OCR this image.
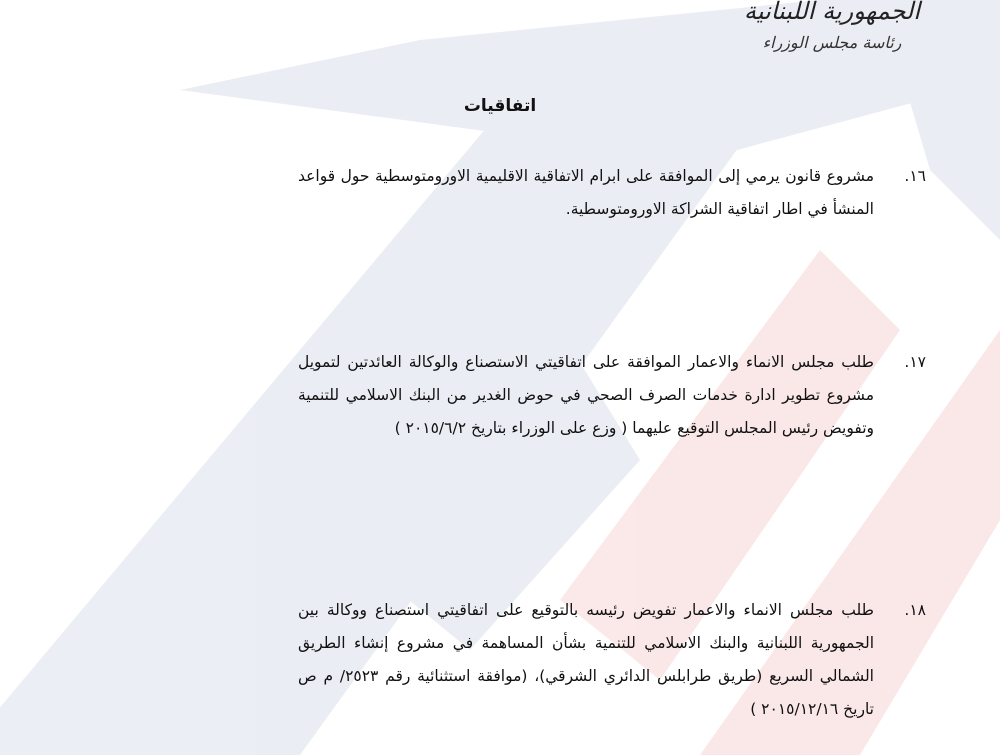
الجمهورية اللبنانية
رئاسة مجلس الوزراء
اتفاقيات
١٦.
مشروع قانون يرمي إلى الموافقة على ابرام الاتفاقية الاقليمية الاورومتوسطية حول قواعد المنشأ في اطار اتفاقية الشراكة الاورومتوسطية.
١٧.
طلب مجلس الانماء والاعمار الموافقة على اتفاقيتي الاستصناع والوكالة العائدتين لتمويل مشروع تطوير ادارة خدمات الصرف الصحي في حوض الغدير من البنك الاسلامي للتنمية وتفويض رئيس المجلس التوقيع عليهما ( وزع على الوزراء بتاريخ ٢٠١٥/٦/٢ )
١٨.
طلب مجلس الانماء والاعمار تفويض رئيسه بالتوقيع على اتفاقيتي استصناع ووكالة بين الجمهورية اللبنانية والبنك الاسلامي للتنمية بشأن المساهمة في مشروع إنشاء الطريق الشمالي السريع (طريق طرابلس الدائري الشرقي)، (موافقة استثنائية رقم ٢٥٢٣/ م ص تاريخ ٢٠١٥/١٢/١٦ )
